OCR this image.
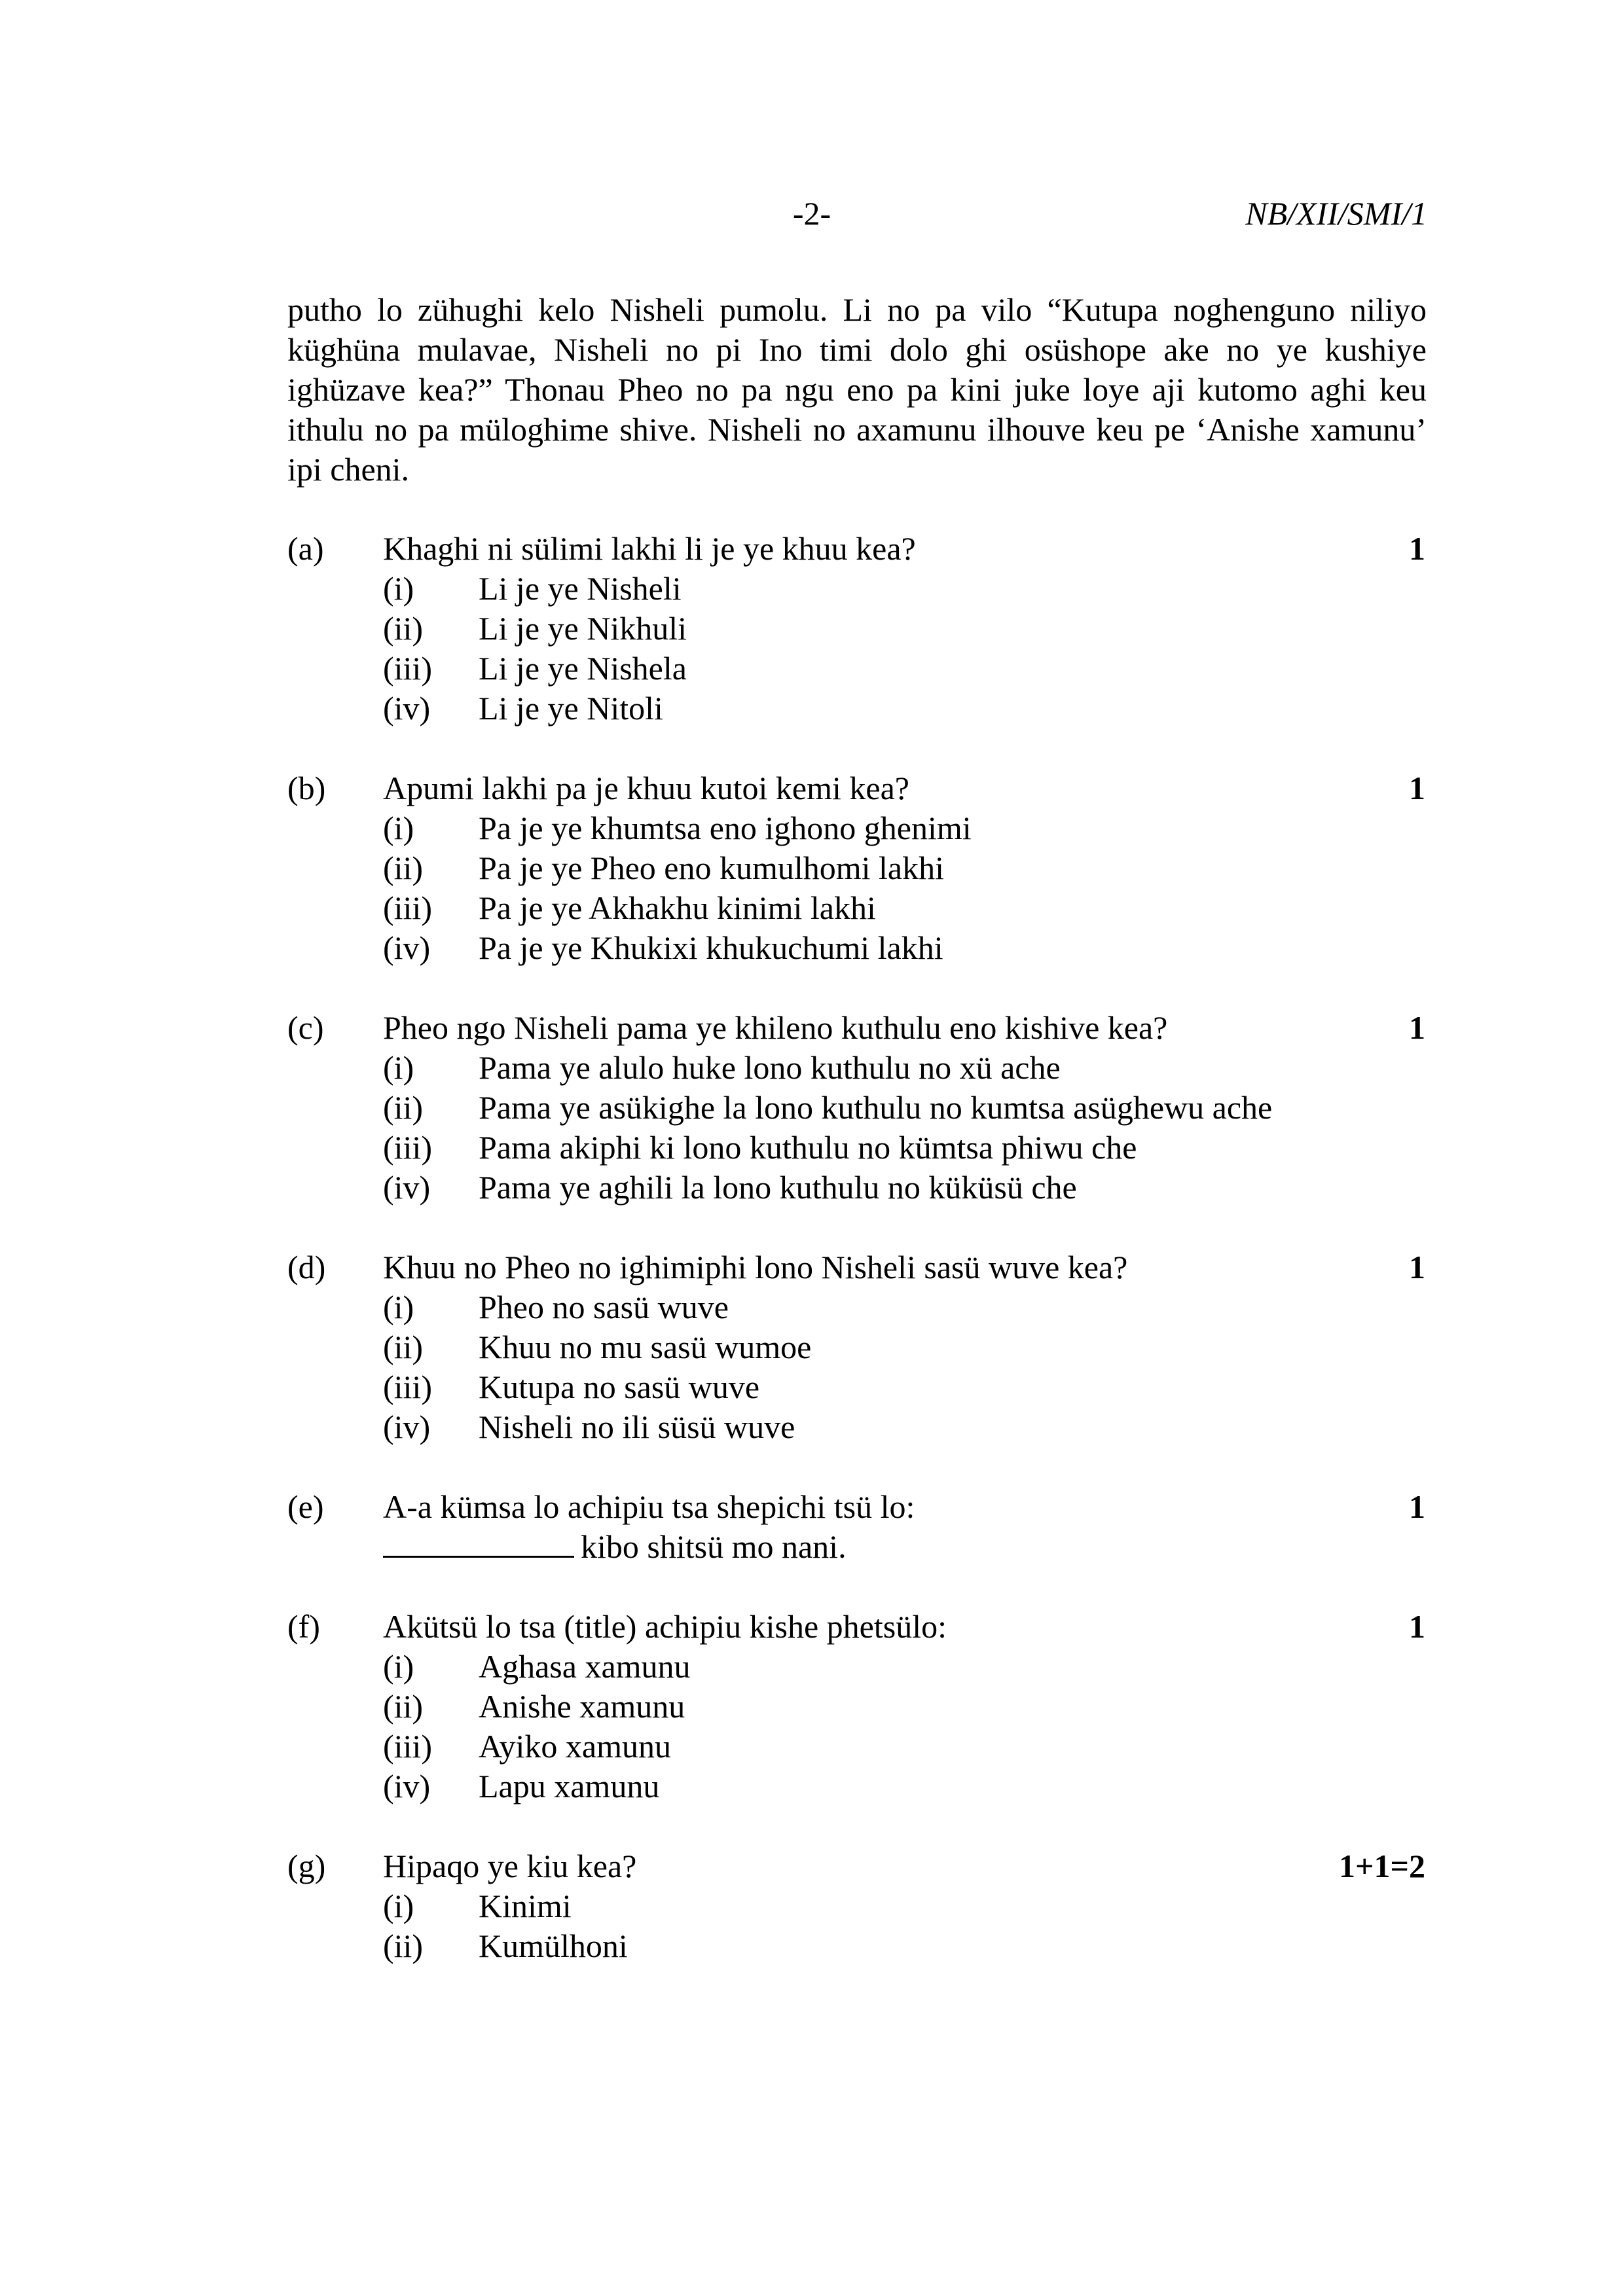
-2-	NB/XII/SMI/1
putho lo zühughi kelo Nisheli pumolu. Li no pa vilo “Kutupa noghenguno niliyo küghüna mulavae, Nisheli no pi Ino timi dolo ghi osüshope ake no ye kushiye ighüzave kea?” Thonau Pheo no pa ngu eno pa kini juke loye aji kutomo aghi keu ithulu no pa müloghime shive. Nisheli no axamunu ilhouve keu pe ‘Anishe xamunu’ ipi cheni.
(a)	Khaghi ni sülimi lakhi li je ye khuu kea?	1
(i)	Li je ye Nisheli
(ii)	Li je ye Nikhuli
(iii)	Li je ye Nishela
(iv)	Li je ye Nitoli
(b)	Apumi lakhi pa je khuu kutoi kemi kea?	1
(i)	Pa je ye khumtsa eno ighono ghenimi
(ii)	Pa je ye Pheo eno kumulhomi lakhi
(iii)	Pa je ye Akhakhu kinimi lakhi
(iv)	Pa je ye Khukixi khukuchumi lakhi
(c)	Pheo ngo Nisheli pama ye khileno kuthulu eno kishive kea?	1
(i)	Pama ye alulo huke lono kuthulu no xü ache
(ii)	Pama ye asükighe la lono kuthulu no kumtsa asüghewu ache
(iii)	Pama akiphi ki lono kuthulu no kümtsa phiwu che
(iv)	Pama ye aghili la lono kuthulu no küküsü che
(d)	Khuu no Pheo no ighimiphi lono Nisheli sasü wuve kea?	1
(i)	Pheo no sasü wuve
(ii)	Khuu no mu sasü wumoe
(iii)	Kutupa no sasü wuve
(iv)	Nisheli no ili süsü wuve
(e)	A-a kümsa lo achipiu tsa shepichi tsü lo:	1
kibo shitsü mo nani.
(f)	Akütsü lo tsa (title) achipiu kishe phetsülo:	1
(i)	Aghasa xamunu
(ii)	Anishe xamunu
(iii)	Ayiko xamunu
(iv)	Lapu xamunu
(g)	Hipaqo ye kiu kea?	1+1=2
(i)	Kinimi
(ii)	Kumülhoni
